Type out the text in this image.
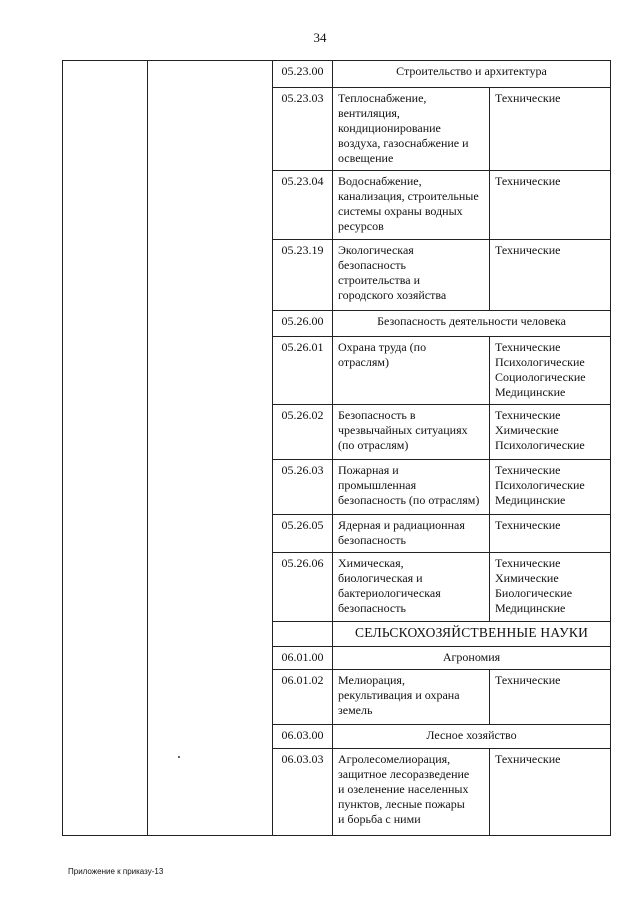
34
		05.23.00	Строительство и архитектура	
		05.23.03	Теплоснабжение,
вентиляция,
кондиционирование
воздуха, газоснабжение и
освещение	Технические

		05.23.04	Водоснабжение,
канализация, строительные
системы охраны водных
ресурсов	Технические

		05.23.19	Экологическая
безопасность
строительства и
городского хозяйства	Технические

		05.26.00	Безопасность деятельности человека	
		05.26.01	Охрана труда (по
отраслям)	Технические
Психологические
Социологические
Медицинские

		05.26.02	Безопасность в
чрезвычайных ситуациях
(по отраслям)	Технические
Химические
Психологические

		05.26.03	Пожарная и
промышленная
безопасность (по отраслям)	Технические
Психологические
Медицинские

		05.26.05	Ядерная и радиационная
безопасность	Технические

		05.26.06	Химическая,
биологическая и
бактериологическая
безопасность	Технические
Химические
Биологические
Медицинские

			СЕЛЬСКОХОЗЯЙСТВЕННЫЕ НАУКИ	
		06.01.00	Агрономия	
		06.01.02	Мелиорация,
рекультивация и охрана
земель	Технические

		06.03.00	Лесное хозяйство	
		06.03.03	Агролесомелиорация,
защитное лесоразведение
и озеленение населенных
пунктов, лесные пожары
и борьба с ними	Технические
Приложение к приказу-13
